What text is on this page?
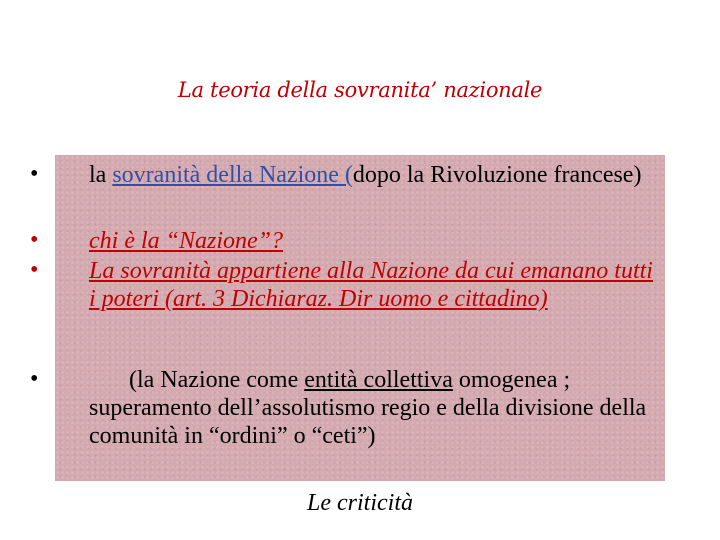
La teoria della sovranita’ nazionale
• la sovranità della Nazione (dopo la Rivoluzione francese)
• chi è la “Nazione”?
• La sovranità appartiene alla Nazione da cui emanano tutti i poteri (art. 3 Dichiaraz. Dir uomo e cittadino)
•	(la Nazione come entità collettiva omogenea ; superamento dell’assolutismo regio e della divisione della comunità in “ordini” o “ceti”)
Le criticità
